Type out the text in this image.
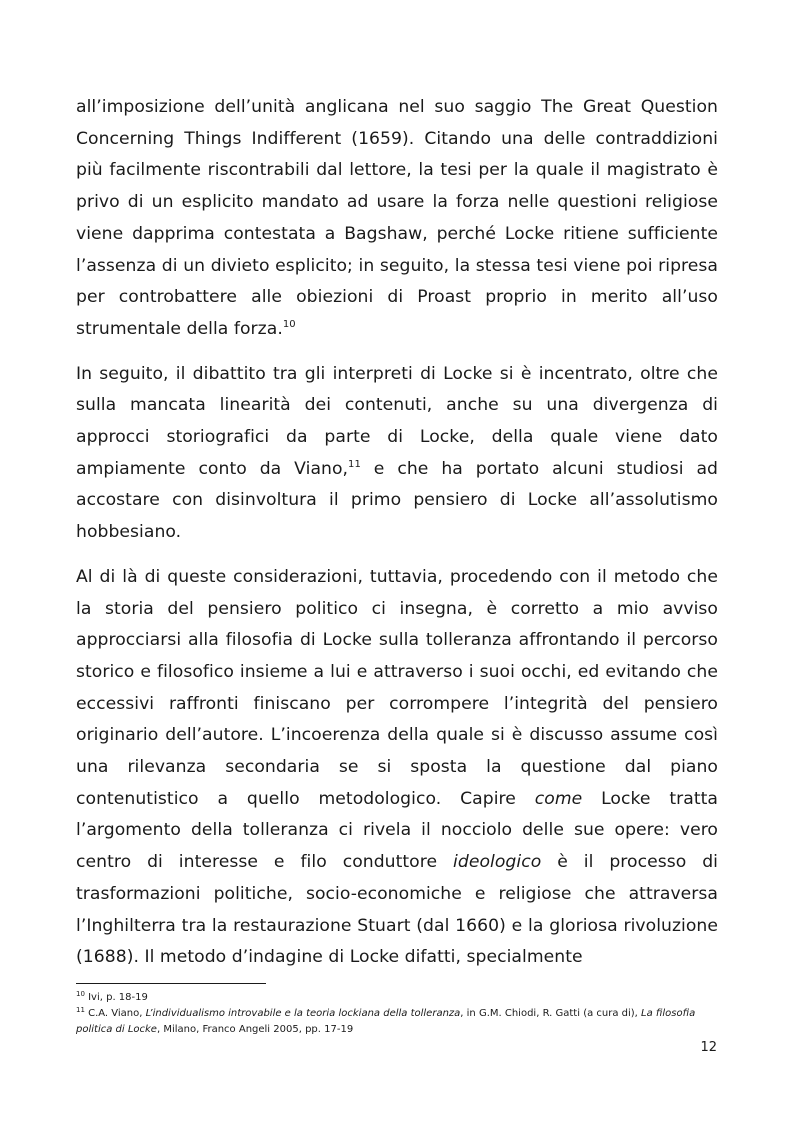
all’imposizione dell’unità anglicana nel suo saggio The Great Question Concerning Things Indifferent (1659). Citando una delle contraddizioni più facilmente riscontrabili dal lettore, la tesi per la quale il magistrato è privo di un esplicito mandato ad usare la forza nelle questioni religiose viene dapprima contestata a Bagshaw, perché Locke ritiene sufficiente l’assenza di un divieto esplicito; in seguito, la stessa tesi viene poi ripresa per controbattere alle obiezioni di Proast proprio in merito all’uso strumentale della forza.$^{10}$

In seguito, il dibattito tra gli interpreti di Locke si è incentrato, oltre che sulla mancata linearità dei contenuti, anche su una divergenza di approcci storiografici da parte di Locke, della quale viene dato ampiamente conto da Viano,$^{11}$ e che ha portato alcuni studiosi ad accostare con disinvoltura il primo pensiero di Locke all’assolutismo hobbesiano.

Al di là di queste considerazioni, tuttavia, procedendo con il metodo che la storia del pensiero politico ci insegna, è corretto a mio avviso approcciarsi alla filosofia di Locke sulla tolleranza affrontando il percorso storico e filosofico insieme a lui e attraverso i suoi occhi, ed evitando che eccessivi raffronti finiscano per corrompere l’integrità del pensiero originario dell’autore. L’incoerenza della quale si è discusso assume così una rilevanza secondaria se si sposta la questione dal piano contenutistico a quello metodologico. Capire come Locke tratta l’argomento della tolleranza ci rivela il nocciolo delle sue opere: vero centro di interesse e filo conduttore ideologico è il processo di trasformazioni politiche, socio-economiche e religiose che attraversa l’Inghilterra tra la restaurazione Stuart (dal 1660) e la gloriosa rivoluzione (1688). Il metodo d’indagine di Locke difatti, specialmente

$^{10}$ Ivi, p. 18-19

$^{11}$ C.A. Viano, L’individualismo introvabile e la teoria lockiana della tolleranza, in G.M. Chiodi, R. Gatti (a cura di), La filosofia politica di Locke, Milano, Franco Angeli 2005, pp. 17-19

12
